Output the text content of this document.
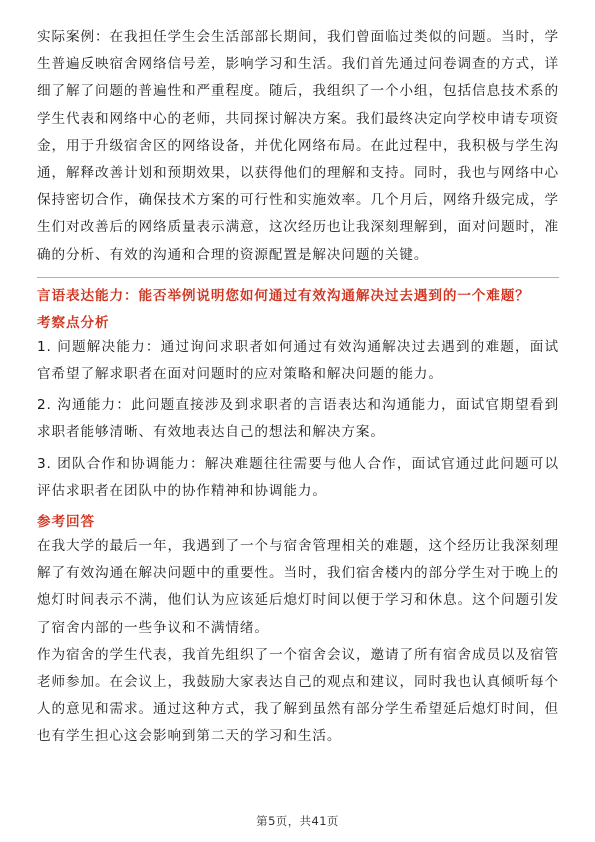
实际案例：在我担任学生会生活部部长期间，我们曾面临过类似的问题。当时，学生普遍反映宿舍网络信号差，影响学习和生活。我们首先通过问卷调查的方式，详细了解了问题的普遍性和严重程度。随后，我组织了一个小组，包括信息技术系的学生代表和网络中心的老师，共同探讨解决方案。我们最终决定向学校申请专项资金，用于升级宿舍区的网络设备，并优化网络布局。在此过程中，我积极与学生沟通，解释改善计划和预期效果，以获得他们的理解和支持。同时，我也与网络中心保持密切合作，确保技术方案的可行性和实施效率。几个月后，网络升级完成，学生们对改善后的网络质量表示满意，这次经历也让我深刻理解到，面对问题时，准确的分析、有效的沟通和合理的资源配置是解决问题的关键。

言语表达能力：能否举例说明您如何通过有效沟通解决过去遇到的一个难题？
考察点分析

1. 问题解决能力：通过询问求职者如何通过有效沟通解决过去遇到的难题，面试官希望了解求职者在面对问题时的应对策略和解决问题的能力。

2. 沟通能力：此问题直接涉及到求职者的言语表达和沟通能力，面试官期望看到求职者能够清晰、有效地表达自己的想法和解决方案。

3. 团队合作和协调能力：解决难题往往需要与他人合作，面试官通过此问题可以评估求职者在团队中的协作精神和协调能力。

参考回答

在我大学的最后一年，我遇到了一个与宿舍管理相关的难题，这个经历让我深刻理解了有效沟通在解决问题中的重要性。当时，我们宿舍楼内的部分学生对于晚上的熄灯时间表示不满，他们认为应该延后熄灯时间以便于学习和休息。这个问题引发了宿舍内部的一些争议和不满情绪。

作为宿舍的学生代表，我首先组织了一个宿舍会议，邀请了所有宿舍成员以及宿管老师参加。在会议上，我鼓励大家表达自己的观点和建议，同时我也认真倾听每个人的意见和需求。通过这种方式，我了解到虽然有部分学生希望延后熄灯时间，但也有学生担心这会影响到第二天的学习和生活。

第5页，共41页
